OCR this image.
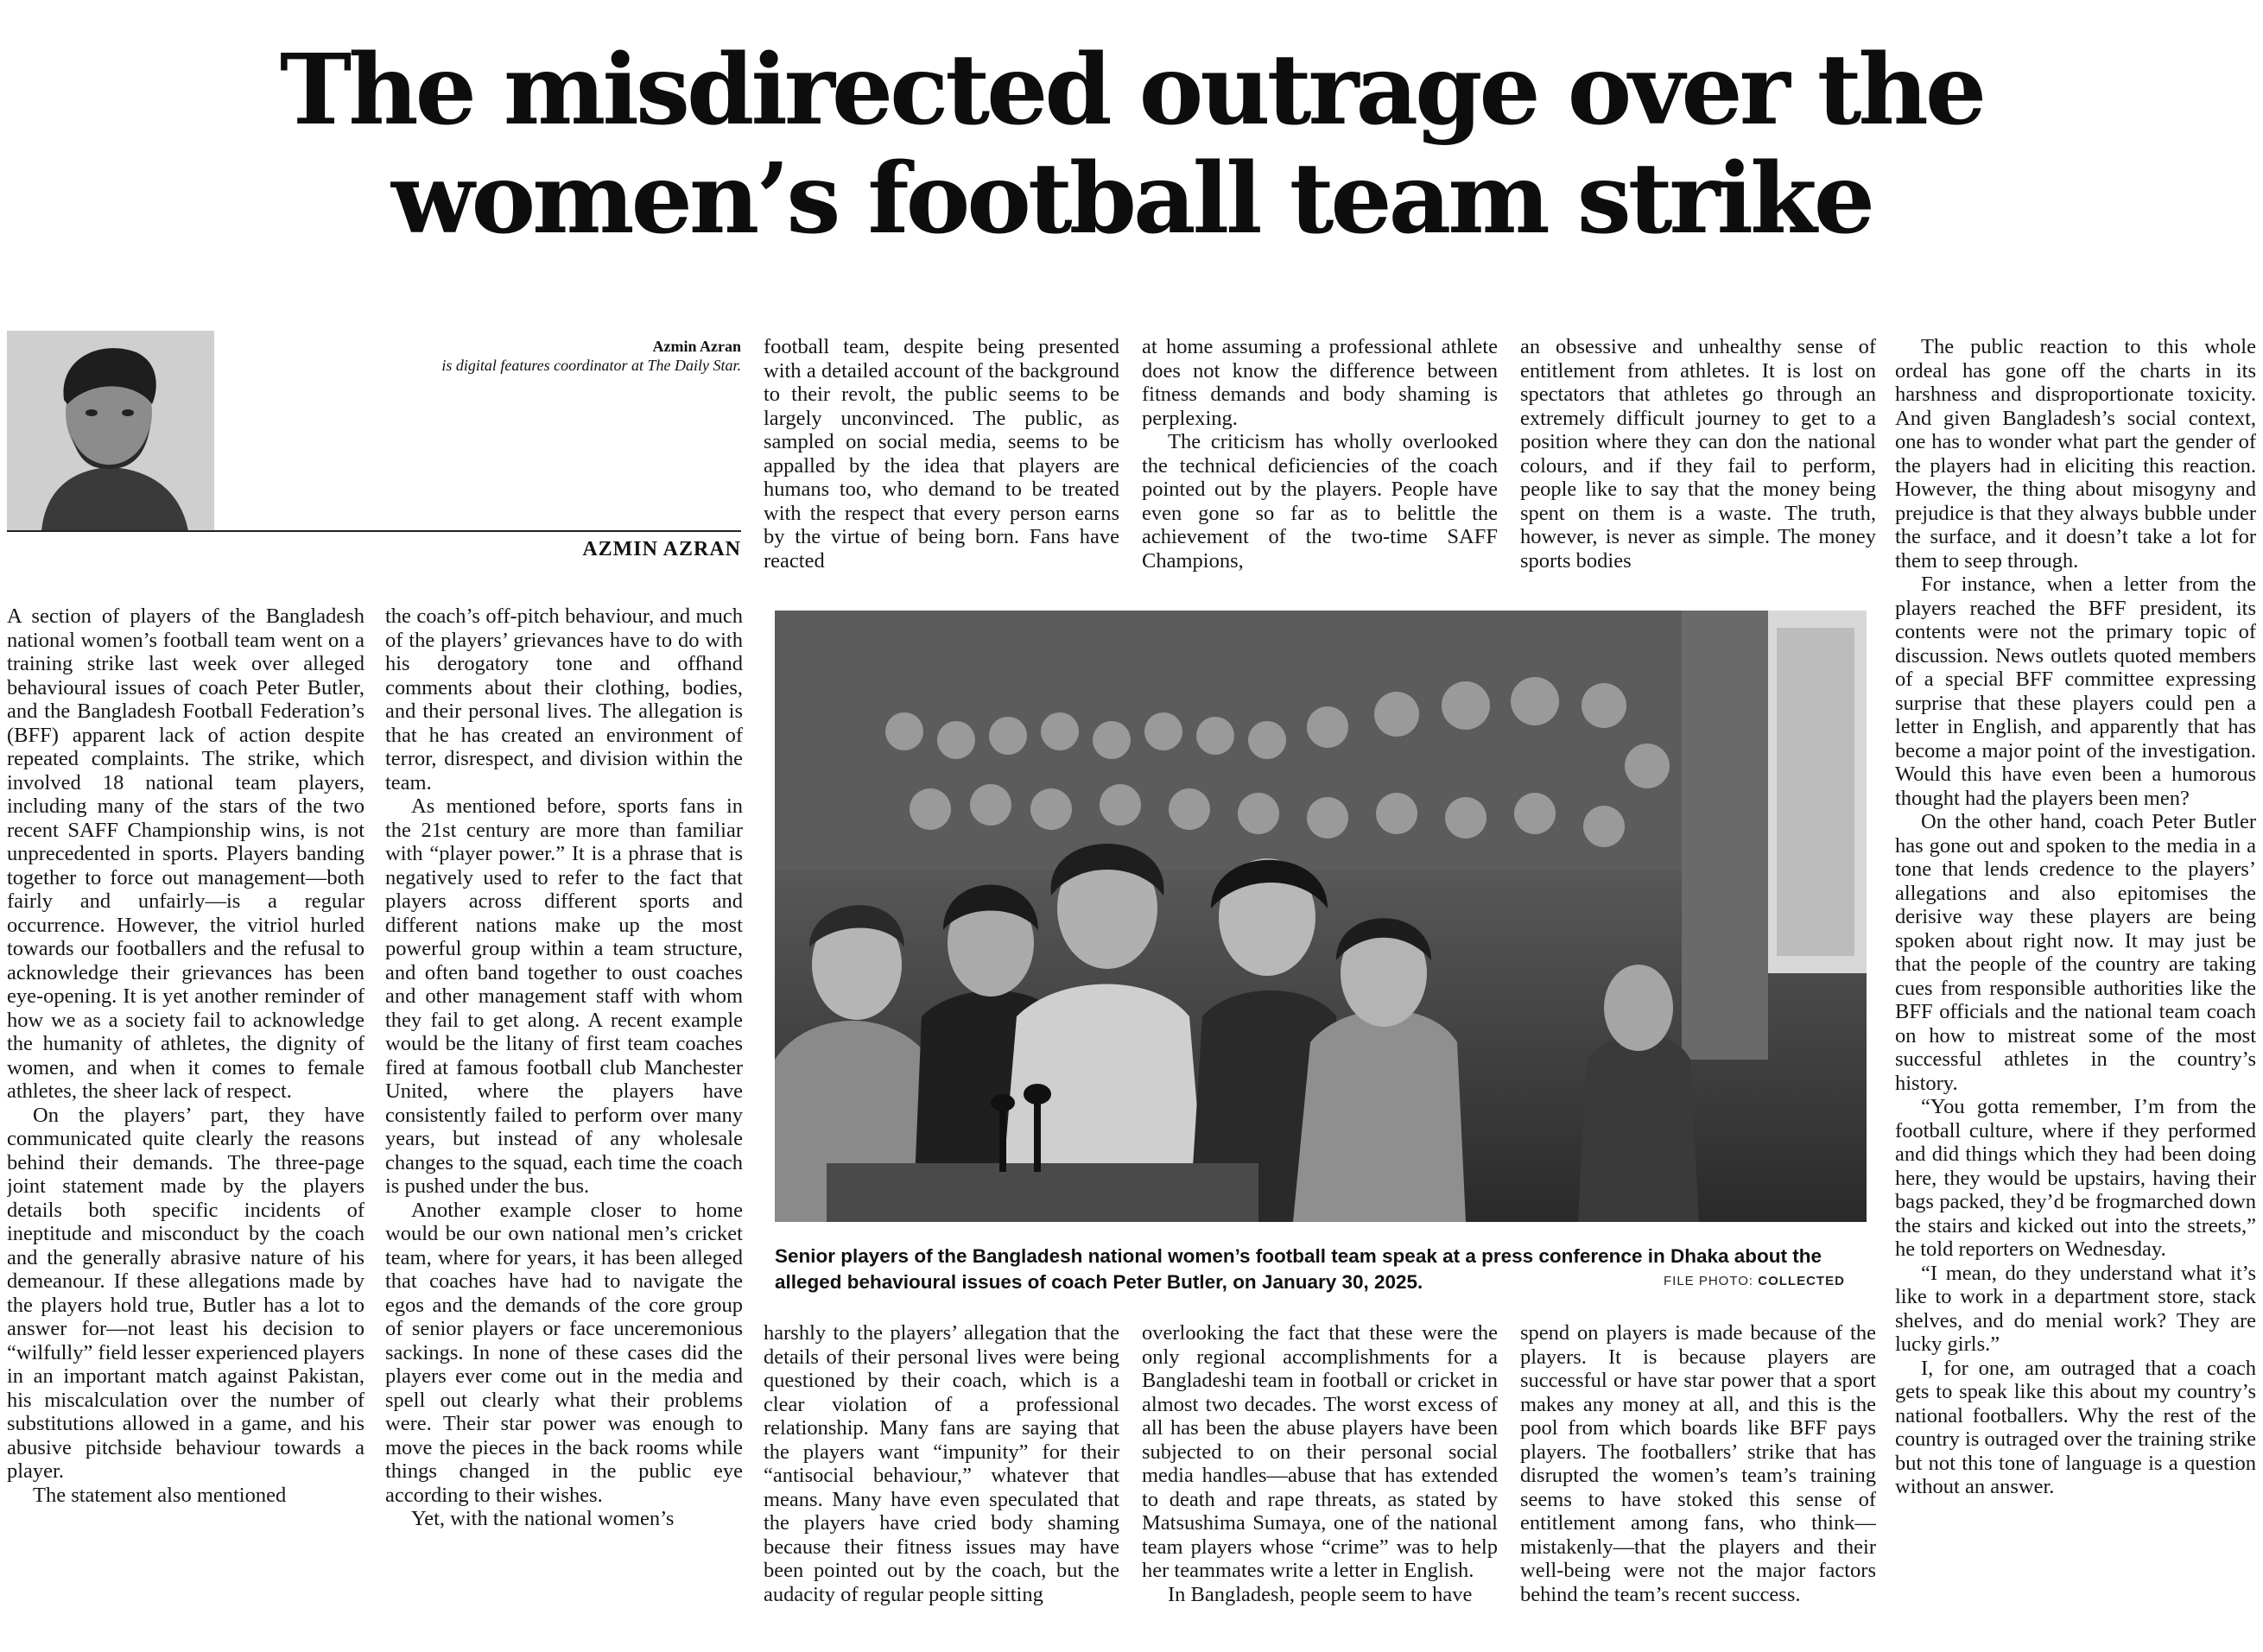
The misdirected outrage over the
women’s football team strike
Azmin Azran
is digital features coordinator at The Daily Star.
AZMIN AZRAN

A section of players of the Bangladesh national women’s football team went on a training strike last week over alleged behavioural issues of coach Peter Butler, and the Bangladesh Football Federation’s (BFF) apparent lack of action despite repeated complaints. The strike, which involved 18 national team players, including many of the stars of the two recent SAFF Championship wins, is not unprecedented in sports. Players banding together to force out management—both fairly and unfairly—is a regular occurrence. However, the vitriol hurled towards our footballers and the refusal to acknowledge their grievances has been eye-opening. It is yet another reminder of how we as a society fail to acknowledge the humanity of athletes, the dignity of women, and when it comes to female athletes, the sheer lack of respect.

On the players’ part, they have communicated quite clearly the reasons behind their demands. The three-page joint statement made by the players details both specific incidents of ineptitude and misconduct by the coach and the generally abrasive nature of his demeanour. If these allegations made by the players hold true, Butler has a lot to answer for—not least his decision to “wilfully” field lesser experienced players in an important match against Pakistan, his miscalculation over the number of substitutions allowed in a game, and his abusive pitchside behaviour towards a player.

The statement also mentioned

the coach’s off-pitch behaviour, and much of the players’ grievances have to do with his derogatory tone and offhand comments about their clothing, bodies, and their personal lives. The allegation is that he has created an environment of terror, disrespect, and division within the team.

As mentioned before, sports fans in the 21st century are more than familiar with “player power.” It is a phrase that is negatively used to refer to the fact that players across different sports and different nations make up the most powerful group within a team structure, and often band together to oust coaches and other management staff with whom they fail to get along. A recent example would be the litany of first team coaches fired at famous football club Manchester United, where the players have consistently failed to perform over many years, but instead of any wholesale changes to the squad, each time the coach is pushed under the bus.

Another example closer to home would be our own national men’s cricket team, where for years, it has been alleged that coaches have had to navigate the egos and the demands of the core group of senior players or face unceremonious sackings. In none of these cases did the players ever come out in the media and spell out clearly what their problems were. Their star power was enough to move the pieces in the back rooms while things changed in the public eye according to their wishes.

Yet, with the national women’s

football team, despite being presented with a detailed account of the background to their revolt, the public seems to be largely unconvinced. The public, as sampled on social media, seems to be appalled by the idea that players are humans too, who demand to be treated with the respect that every person earns by the virtue of being born. Fans have reacted

at home assuming a professional athlete does not know the difference between fitness demands and body shaming is perplexing.

The criticism has wholly overlooked the technical deficiencies of the coach pointed out by the players. People have even gone so far as to belittle the achievement of the two-time SAFF Champions,

an obsessive and unhealthy sense of entitlement from athletes. It is lost on spectators that athletes go through an extremely difficult journey to get to a position where they can don the national colours, and if they fail to perform, people like to say that the money being spent on them is a waste. The truth, however, is never as simple. The money sports bodies

Senior players of the Bangladesh national women’s football team speak at a press conference in Dhaka about the alleged behavioural issues of coach Peter Butler, on January 30, 2025.	FILE PHOTO: COLLECTED

harshly to the players’ allegation that the details of their personal lives were being questioned by their coach, which is a clear violation of a professional relationship. Many fans are saying that the players want “impunity” for their “antisocial behaviour,” whatever that means. Many have even speculated that the players have cried body shaming because their fitness issues may have been pointed out by the coach, but the audacity of regular people sitting

overlooking the fact that these were the only regional accomplishments for a Bangladeshi team in football or cricket in almost two decades. The worst excess of all has been the abuse players have been subjected to on their personal social media handles—abuse that has extended to death and rape threats, as stated by Matsushima Sumaya, one of the national team players whose “crime” was to help her teammates write a letter in English.

In Bangladesh, people seem to have

spend on players is made because of the players. It is because players are successful or have star power that a sport makes any money at all, and this is the pool from which boards like BFF pays players. The footballers’ strike that has disrupted the women’s team’s training seems to have stoked this sense of entitlement among fans, who think—mistakenly—that the players and their well-being were not the major factors behind the team’s recent success.

The public reaction to this whole ordeal has gone off the charts in its harshness and disproportionate toxicity. And given Bangladesh’s social context, one has to wonder what part the gender of the players had in eliciting this reaction. However, the thing about misogyny and prejudice is that they always bubble under the surface, and it doesn’t take a lot for them to seep through.

For instance, when a letter from the players reached the BFF president, its contents were not the primary topic of discussion. News outlets quoted members of a special BFF committee expressing surprise that these players could pen a letter in English, and apparently that has become a major point of the investigation. Would this have even been a humorous thought had the players been men?

On the other hand, coach Peter Butler has gone out and spoken to the media in a tone that lends credence to the players’ allegations and also epitomises the derisive way these players are being spoken about right now. It may just be that the people of the country are taking cues from responsible authorities like the BFF officials and the national team coach on how to mistreat some of the most successful athletes in the country’s history.

“You gotta remember, I’m from the football culture, where if they performed and did things which they had been doing here, they would be upstairs, having their bags packed, they’d be frogmarched down the stairs and kicked out into the streets,” he told reporters on Wednesday.

“I mean, do they understand what it’s like to work in a department store, stack shelves, and do menial work? They are lucky girls.”

I, for one, am outraged that a coach gets to speak like this about my country’s national footballers. Why the rest of the country is outraged over the training strike but not this tone of language is a question without an answer.
